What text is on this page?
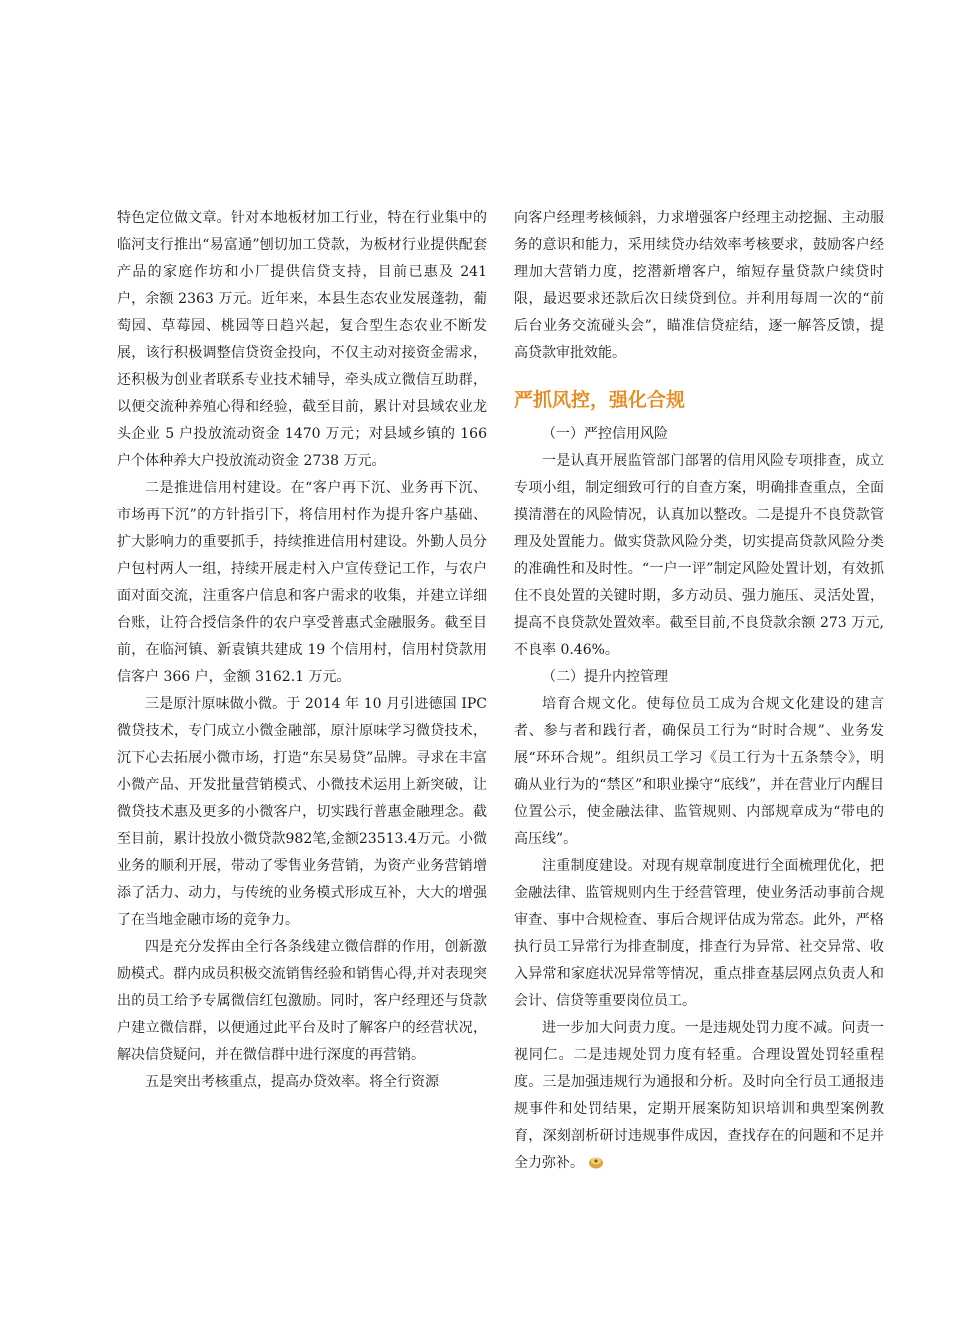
特色定位做文章。针对本地板材加工行业，特在行业集中的临河支行推出“易富通”刨切加工贷款，为板材行业提供配套产品的家庭作坊和小厂提供信贷支持，目前已惠及 241 户，余额 2363 万元。近年来，本县生态农业发展蓬勃，葡萄园、草莓园、桃园等日趋兴起，复合型生态农业不断发展，该行积极调整信贷资金投向，不仅主动对接资金需求，还积极为创业者联系专业技术辅导，牵头成立微信互助群，以便交流种养殖心得和经验，截至目前，累计对县域农业龙头企业 5 户投放流动资金 1470 万元；对县域乡镇的 166 户个体种养大户投放流动资金 2738 万元。

二是推进信用村建设。在“客户再下沉、业务再下沉、市场再下沉”的方针指引下，将信用村作为提升客户基础、扩大影响力的重要抓手，持续推进信用村建设。外勤人员分户包村两人一组，持续开展走村入户宣传登记工作，与农户面对面交流，注重客户信息和客户需求的收集，并建立详细台账，让符合授信条件的农户享受普惠式金融服务。截至目前，在临河镇、新袁镇共建成 19 个信用村，信用村贷款用信客户 366 户，金额 3162.1 万元。

三是原汁原味做小微。于 2014 年 10 月引进德国 IPC 微贷技术，专门成立小微金融部，原汁原味学习微贷技术，沉下心去拓展小微市场，打造“东吴易贷”品牌。寻求在丰富小微产品、开发批量营销模式、小微技术运用上新突破，让微贷技术惠及更多的小微客户，切实践行普惠金融理念。截至目前，累计投放小微贷款982笔,金额23513.4万元。小微业务的顺利开展，带动了零售业务营销，为资产业务营销增添了活力、动力，与传统的业务模式形成互补，大大的增强了在当地金融市场的竞争力。

四是充分发挥由全行各条线建立微信群的作用，创新激励模式。群内成员积极交流销售经验和销售心得,并对表现突出的员工给予专属微信红包激励。同时，客户经理还与贷款户建立微信群，以便通过此平台及时了解客户的经营状况，解决信贷疑问，并在微信群中进行深度的再营销。

五是突出考核重点，提高办贷效率。将全行资源

向客户经理考核倾斜，力求增强客户经理主动挖掘、主动服务的意识和能力，采用续贷办结效率考核要求，鼓励客户经理加大营销力度，挖潜新增客户，缩短存量贷款户续贷时限，最迟要求还款后次日续贷到位。并利用每周一次的“前后台业务交流碰头会”，瞄准信贷症结，逐一解答反馈，提高贷款审批效能。

严抓风控，强化合规

（一）严控信用风险

一是认真开展监管部门部署的信用风险专项排查，成立专项小组，制定细致可行的自查方案，明确排查重点，全面摸清潜在的风险情况，认真加以整改。二是提升不良贷款管理及处置能力。做实贷款风险分类，切实提高贷款风险分类的准确性和及时性。“一户一评”制定风险处置计划，有效抓住不良处置的关键时期，多方动员、强力施压、灵活处置，提高不良贷款处置效率。截至目前,不良贷款余额 273 万元,不良率 0.46%。

（二）提升内控管理

培育合规文化。使每位员工成为合规文化建设的建言者、参与者和践行者，确保员工行为“时时合规”、业务发展“环环合规”。组织员工学习《员工行为十五条禁令》，明确从业行为的“禁区”和职业操守“底线”，并在营业厅内醒目位置公示，使金融法律、监管规则、内部规章成为“带电的高压线”。

注重制度建设。对现有规章制度进行全面梳理优化，把金融法律、监管规则内生于经营管理，使业务活动事前合规审查、事中合规检查、事后合规评估成为常态。此外，严格执行员工异常行为排查制度，排查行为异常、社交异常、收入异常和家庭状况异常等情况，重点排查基层网点负责人和会计、信贷等重要岗位员工。

进一步加大问责力度。一是违规处罚力度不减。问责一视同仁。二是违规处罚力度有轻重。合理设置处罚轻重程度。三是加强违规行为通报和分析。及时向全行员工通报违规事件和处罚结果，定期开展案防知识培训和典型案例教育，深刻剖析研讨违规事件成因，查找存在的问题和不足并全力弥补。
